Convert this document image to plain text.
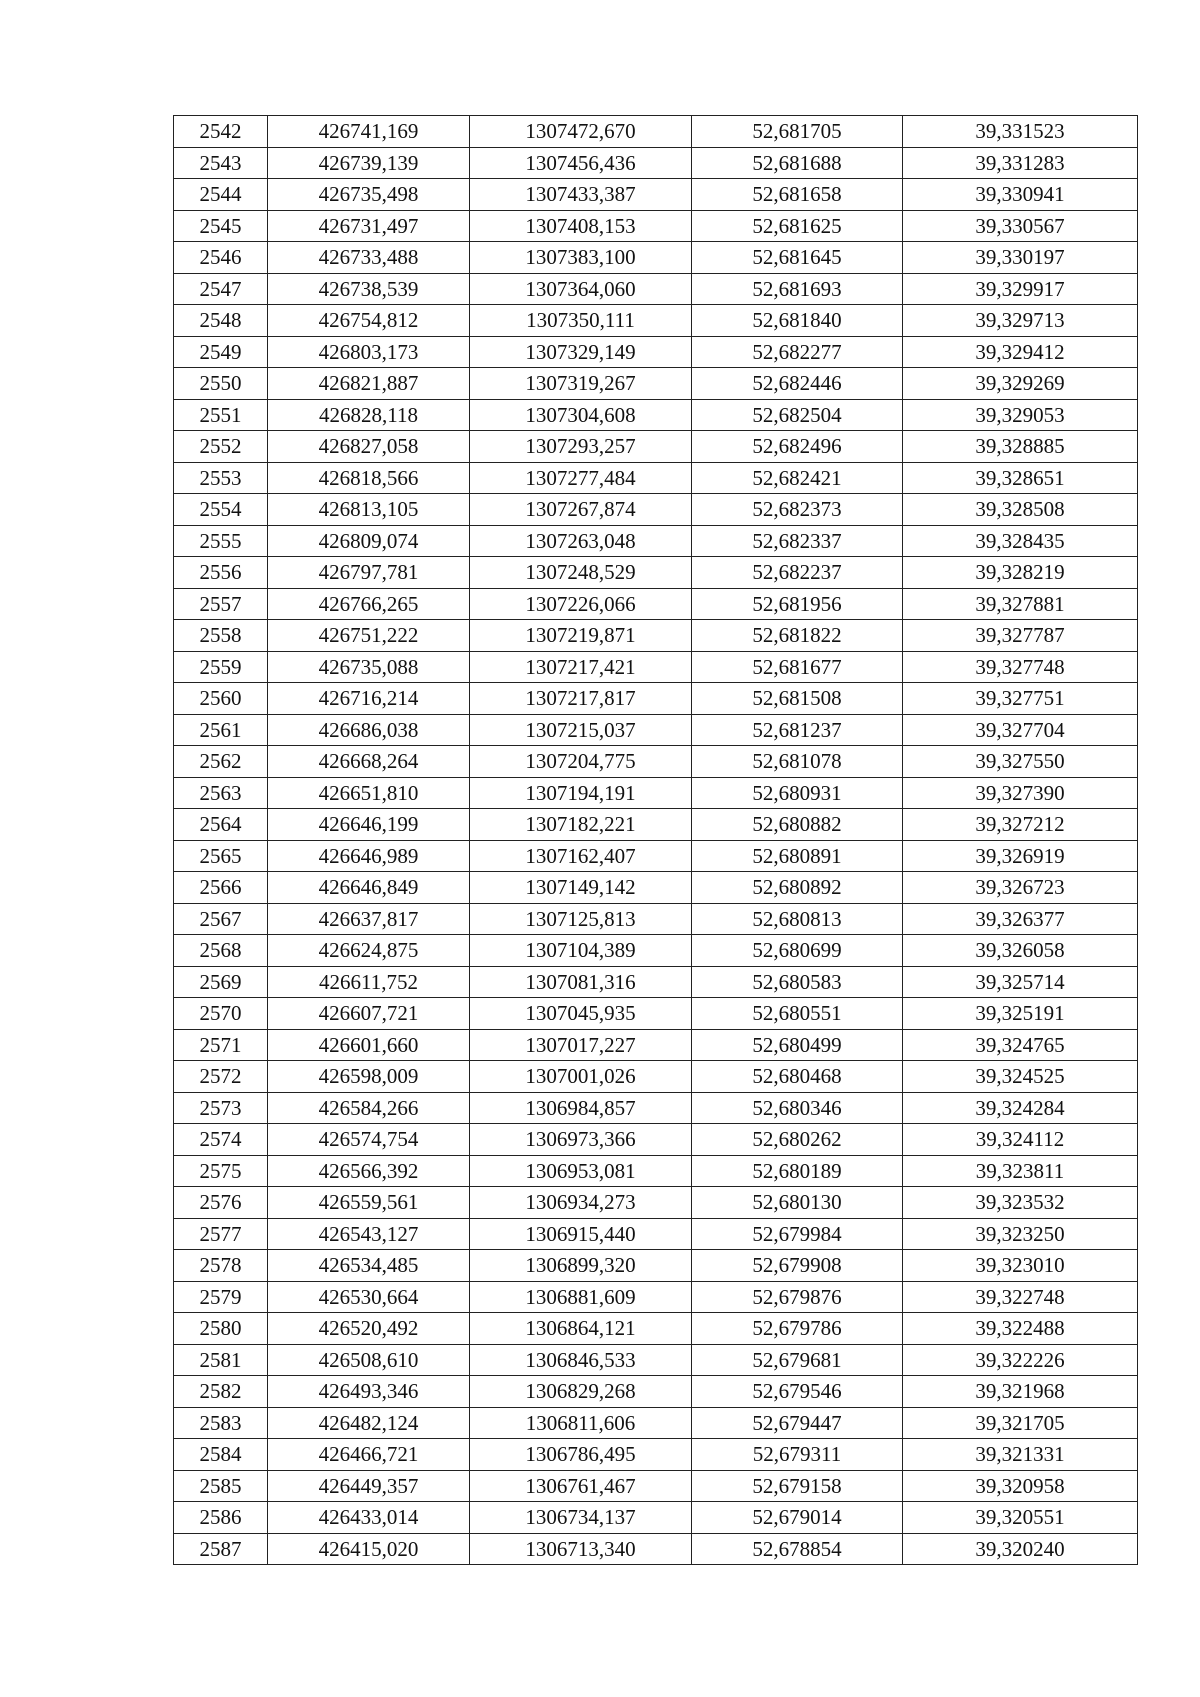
2542	426741,169	1307472,670	52,681705	39,331523
2543	426739,139	1307456,436	52,681688	39,331283
2544	426735,498	1307433,387	52,681658	39,330941
2545	426731,497	1307408,153	52,681625	39,330567
2546	426733,488	1307383,100	52,681645	39,330197
2547	426738,539	1307364,060	52,681693	39,329917
2548	426754,812	1307350,111	52,681840	39,329713
2549	426803,173	1307329,149	52,682277	39,329412
2550	426821,887	1307319,267	52,682446	39,329269
2551	426828,118	1307304,608	52,682504	39,329053
2552	426827,058	1307293,257	52,682496	39,328885
2553	426818,566	1307277,484	52,682421	39,328651
2554	426813,105	1307267,874	52,682373	39,328508
2555	426809,074	1307263,048	52,682337	39,328435
2556	426797,781	1307248,529	52,682237	39,328219
2557	426766,265	1307226,066	52,681956	39,327881
2558	426751,222	1307219,871	52,681822	39,327787
2559	426735,088	1307217,421	52,681677	39,327748
2560	426716,214	1307217,817	52,681508	39,327751
2561	426686,038	1307215,037	52,681237	39,327704
2562	426668,264	1307204,775	52,681078	39,327550
2563	426651,810	1307194,191	52,680931	39,327390
2564	426646,199	1307182,221	52,680882	39,327212
2565	426646,989	1307162,407	52,680891	39,326919
2566	426646,849	1307149,142	52,680892	39,326723
2567	426637,817	1307125,813	52,680813	39,326377
2568	426624,875	1307104,389	52,680699	39,326058
2569	426611,752	1307081,316	52,680583	39,325714
2570	426607,721	1307045,935	52,680551	39,325191
2571	426601,660	1307017,227	52,680499	39,324765
2572	426598,009	1307001,026	52,680468	39,324525
2573	426584,266	1306984,857	52,680346	39,324284
2574	426574,754	1306973,366	52,680262	39,324112
2575	426566,392	1306953,081	52,680189	39,323811
2576	426559,561	1306934,273	52,680130	39,323532
2577	426543,127	1306915,440	52,679984	39,323250
2578	426534,485	1306899,320	52,679908	39,323010
2579	426530,664	1306881,609	52,679876	39,322748
2580	426520,492	1306864,121	52,679786	39,322488
2581	426508,610	1306846,533	52,679681	39,322226
2582	426493,346	1306829,268	52,679546	39,321968
2583	426482,124	1306811,606	52,679447	39,321705
2584	426466,721	1306786,495	52,679311	39,321331
2585	426449,357	1306761,467	52,679158	39,320958
2586	426433,014	1306734,137	52,679014	39,320551
2587	426415,020	1306713,340	52,678854	39,320240
